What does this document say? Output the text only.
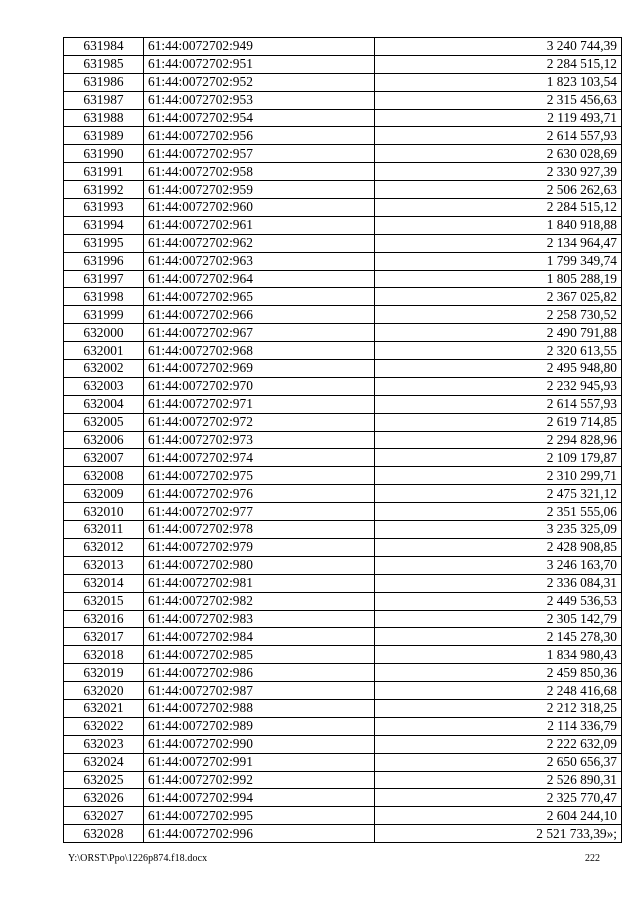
631984	61:44:0072702:949	3 240 744,39
631985	61:44:0072702:951	2 284 515,12
631986	61:44:0072702:952	1 823 103,54
631987	61:44:0072702:953	2 315 456,63
631988	61:44:0072702:954	2 119 493,71
631989	61:44:0072702:956	2 614 557,93
631990	61:44:0072702:957	2 630 028,69
631991	61:44:0072702:958	2 330 927,39
631992	61:44:0072702:959	2 506 262,63
631993	61:44:0072702:960	2 284 515,12
631994	61:44:0072702:961	1 840 918,88
631995	61:44:0072702:962	2 134 964,47
631996	61:44:0072702:963	1 799 349,74
631997	61:44:0072702:964	1 805 288,19
631998	61:44:0072702:965	2 367 025,82
631999	61:44:0072702:966	2 258 730,52
632000	61:44:0072702:967	2 490 791,88
632001	61:44:0072702:968	2 320 613,55
632002	61:44:0072702:969	2 495 948,80
632003	61:44:0072702:970	2 232 945,93
632004	61:44:0072702:971	2 614 557,93
632005	61:44:0072702:972	2 619 714,85
632006	61:44:0072702:973	2 294 828,96
632007	61:44:0072702:974	2 109 179,87
632008	61:44:0072702:975	2 310 299,71
632009	61:44:0072702:976	2 475 321,12
632010	61:44:0072702:977	2 351 555,06
632011	61:44:0072702:978	3 235 325,09
632012	61:44:0072702:979	2 428 908,85
632013	61:44:0072702:980	3 246 163,70
632014	61:44:0072702:981	2 336 084,31
632015	61:44:0072702:982	2 449 536,53
632016	61:44:0072702:983	2 305 142,79
632017	61:44:0072702:984	2 145 278,30
632018	61:44:0072702:985	1 834 980,43
632019	61:44:0072702:986	2 459 850,36
632020	61:44:0072702:987	2 248 416,68
632021	61:44:0072702:988	2 212 318,25
632022	61:44:0072702:989	2 114 336,79
632023	61:44:0072702:990	2 222 632,09
632024	61:44:0072702:991	2 650 656,37
632025	61:44:0072702:992	2 526 890,31
632026	61:44:0072702:994	2 325 770,47
632027	61:44:0072702:995	2 604 244,10
632028	61:44:0072702:996	2 521 733,39»;
Y:\ORST\Ppo\1226p874.f18.docx	222
